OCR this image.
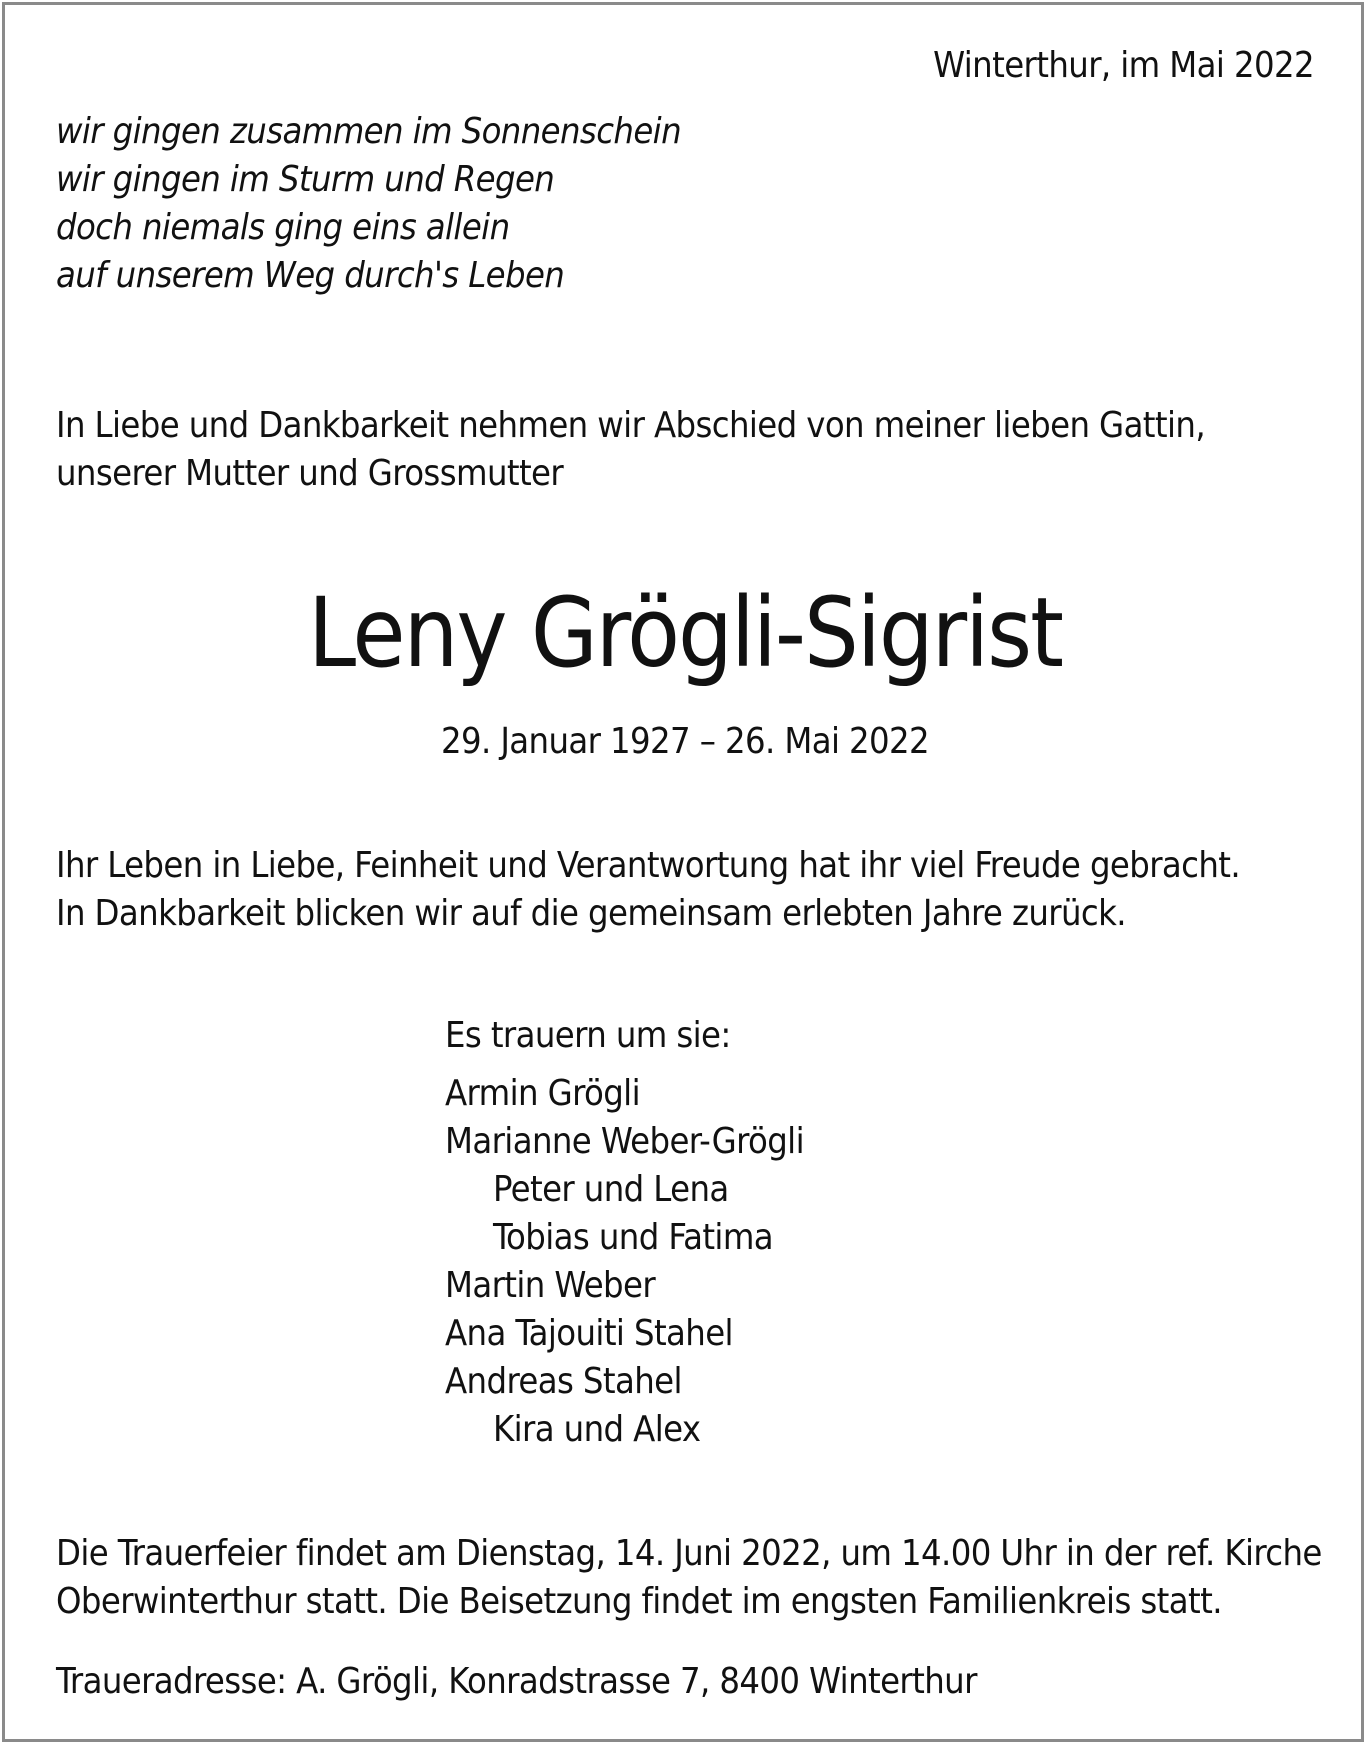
Winterthur, im Mai 2022
wir gingen zusammen im Sonnenschein
wir gingen im Sturm und Regen
doch niemals ging eins allein
auf unserem Weg durch's Leben
In Liebe und Dankbarkeit nehmen wir Abschied von meiner lieben Gattin,
unserer Mutter und Grossmutter
Leny Grögli-Sigrist
29. Januar 1927 – 26. Mai 2022
Ihr Leben in Liebe, Feinheit und Verantwortung hat ihr viel Freude gebracht.
In Dankbarkeit blicken wir auf die gemeinsam erlebten Jahre zurück.
Es trauern um sie:
Armin Grögli
Marianne Weber-Grögli
Peter und Lena
Tobias und Fatima
Martin Weber
Ana Tajouiti Stahel
Andreas Stahel
Kira und Alex
Die Trauerfeier findet am Dienstag, 14. Juni 2022, um 14.00 Uhr in der ref. Kirche
Oberwinterthur statt. Die Beisetzung findet im engsten Familienkreis statt.
Traueradresse: A. Grögli, Konradstrasse 7, 8400 Winterthur
